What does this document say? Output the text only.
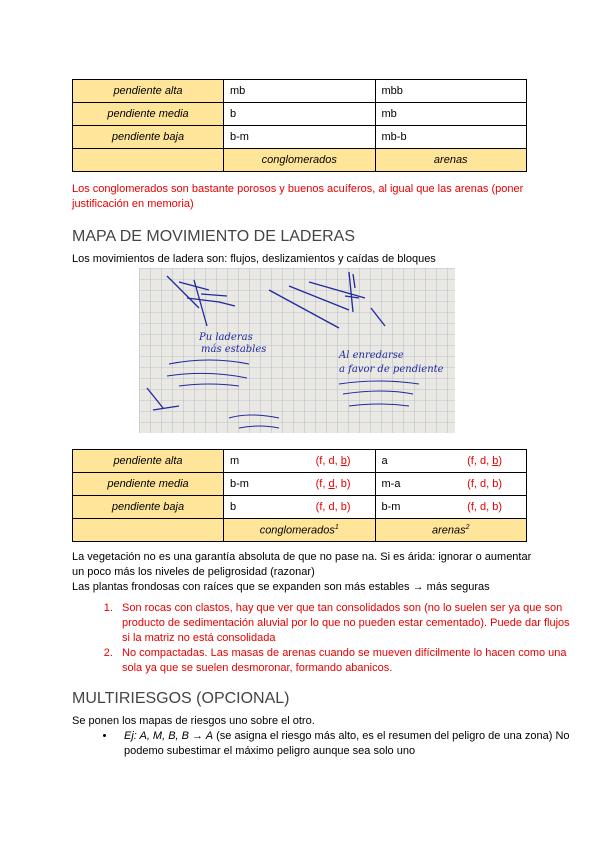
pendiente alta	mb	mbb
pendiente media	b	mb
pendiente baja	b-m	mb-b
	conglomerados	arenas
Los conglomerados son bastante porosos y buenos acuíferos, al igual que las arenas (poner justificación en memoria)
MAPA DE MOVIMIENTO DE LADERAS
Los movimientos de ladera son: flujos, deslizamientos y caídas de bloques
Pu laderas
más estables
Al enredarse
a favor de pendiente
pendiente alta	m (f, d, b)	a (f, d, b)

pendiente media	b-m (f, d, b)	m-a (f, d, b)

pendiente baja	b (f, d, b)	b-m (f, d, b)

	conglomerados$^1$	arenas$^2$
La vegetación no es una garantía absoluta de que no pase na. Si es árida: ignorar o aumentar un poco más los niveles de peligrosidad (razonar)
Las plantas frondosas con raíces que se expanden son más estables → más seguras
1. Son rocas con clastos, hay que ver que tan consolidados son (no lo suelen ser ya que son producto de sedimentación aluvial por lo que no pueden estar cementado). Puede dar flujos si la matriz no está consolidada
2. No compactadas. Las masas de arenas cuando se mueven difícilmente lo hacen como una sola ya que se suelen desmoronar, formando abanicos.
MULTIRIESGOS (OPCIONAL)
Se ponen los mapas de riesgos uno sobre el otro.
• Ej: A, M, B, B → A (se asigna el riesgo más alto, es el resumen del peligro de una zona) No podemo subestimar el máximo peligro aunque sea solo uno
